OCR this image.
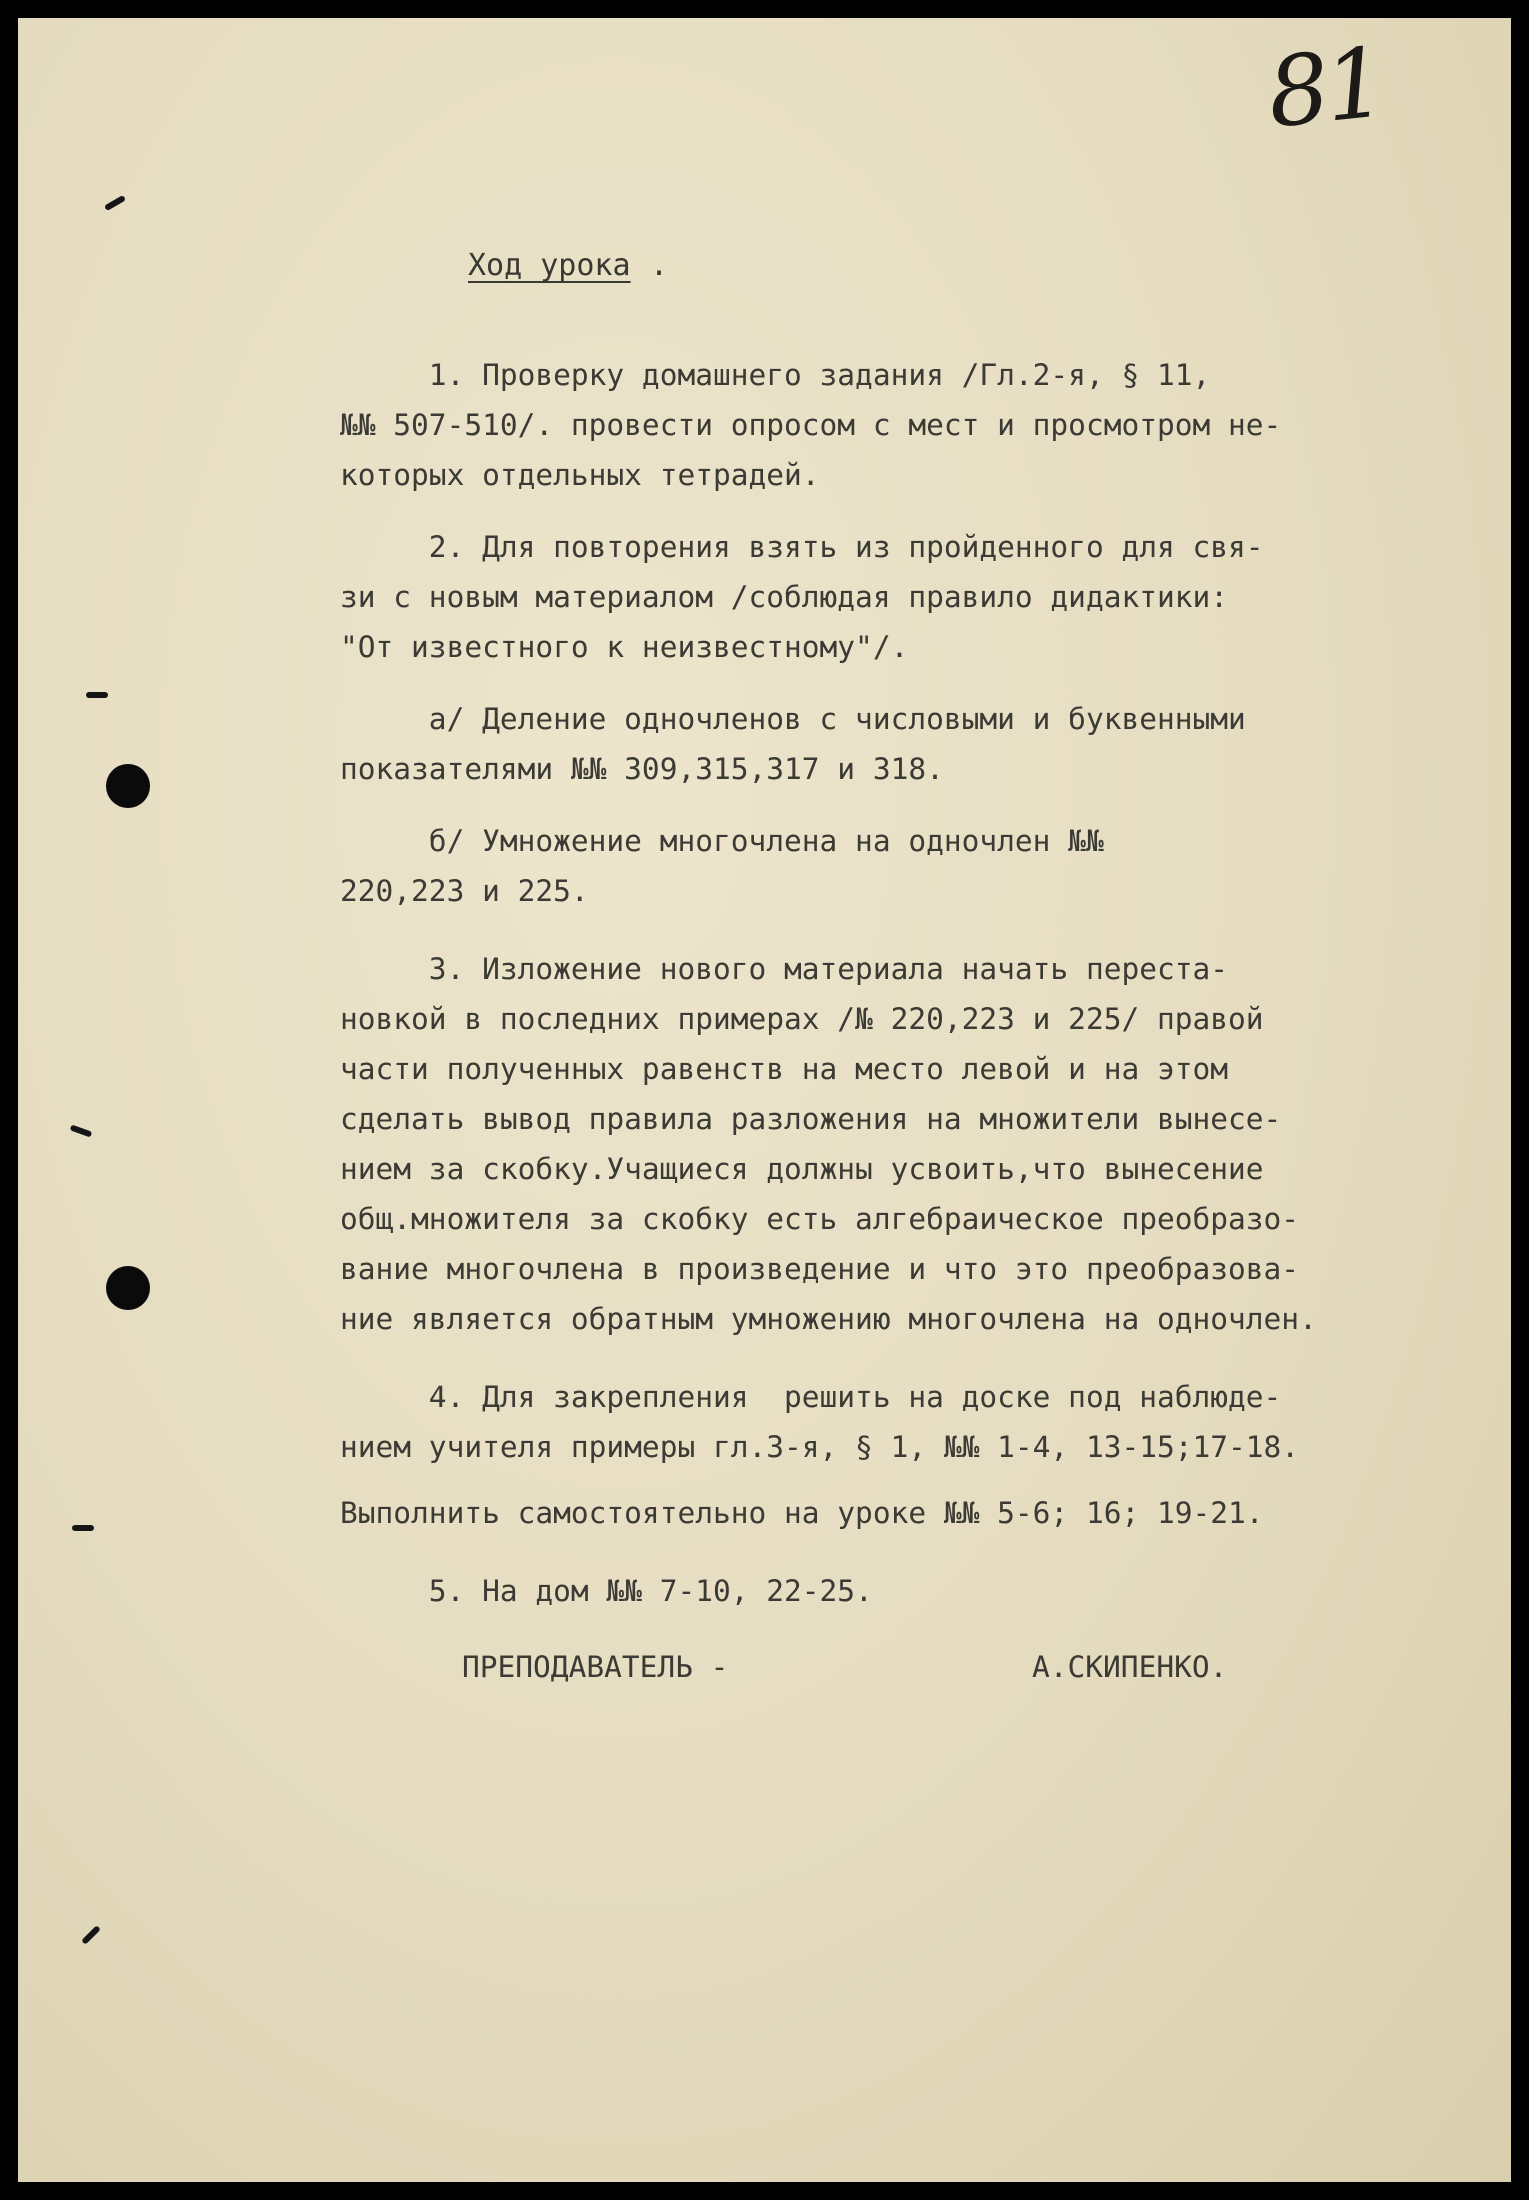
81
Ход урока .
1. Проверку домашнего задания /Гл.2-я, § 11,
№№ 507-510/. провести опросом с мест и просмотром не-
которых отдельных тетрадей.
2. Для повторения взять из пройденного для свя-
зи с новым материалом /соблюдая правило дидактики:
"От известного к неизвестному"/.
а/ Деление одночленов с числовыми и буквенными
показателями №№ 309,315,317 и 318.
б/ Умножение многочлена на одночлен №№
220,223 и 225.
3. Изложение нового материала начать переста-
новкой в последних примерах /№ 220,223 и 225/ правой
части полученных равенств на место левой и на этом
сделать вывод правила разложения на множители вынесе-
нием за скобку.Учащиеся должны усвоить,что вынесение
общ.множителя за скобку есть алгебраическое преобразо-
вание многочлена в произведение и что это преобразова-
ние является обратным умножению многочлена на одночлен.
4. Для закрепления  решить на доске под наблюде-
нием учителя примеры гл.3-я, § 1, №№ 1-4, 13-15;17-18.
Выполнить самостоятельно на уроке №№ 5-6; 16; 19-21.
5. На дом №№ 7-10, 22-25.
ПРЕПОДАВАТЕЛЬ -	А.СКИПЕНКО.
